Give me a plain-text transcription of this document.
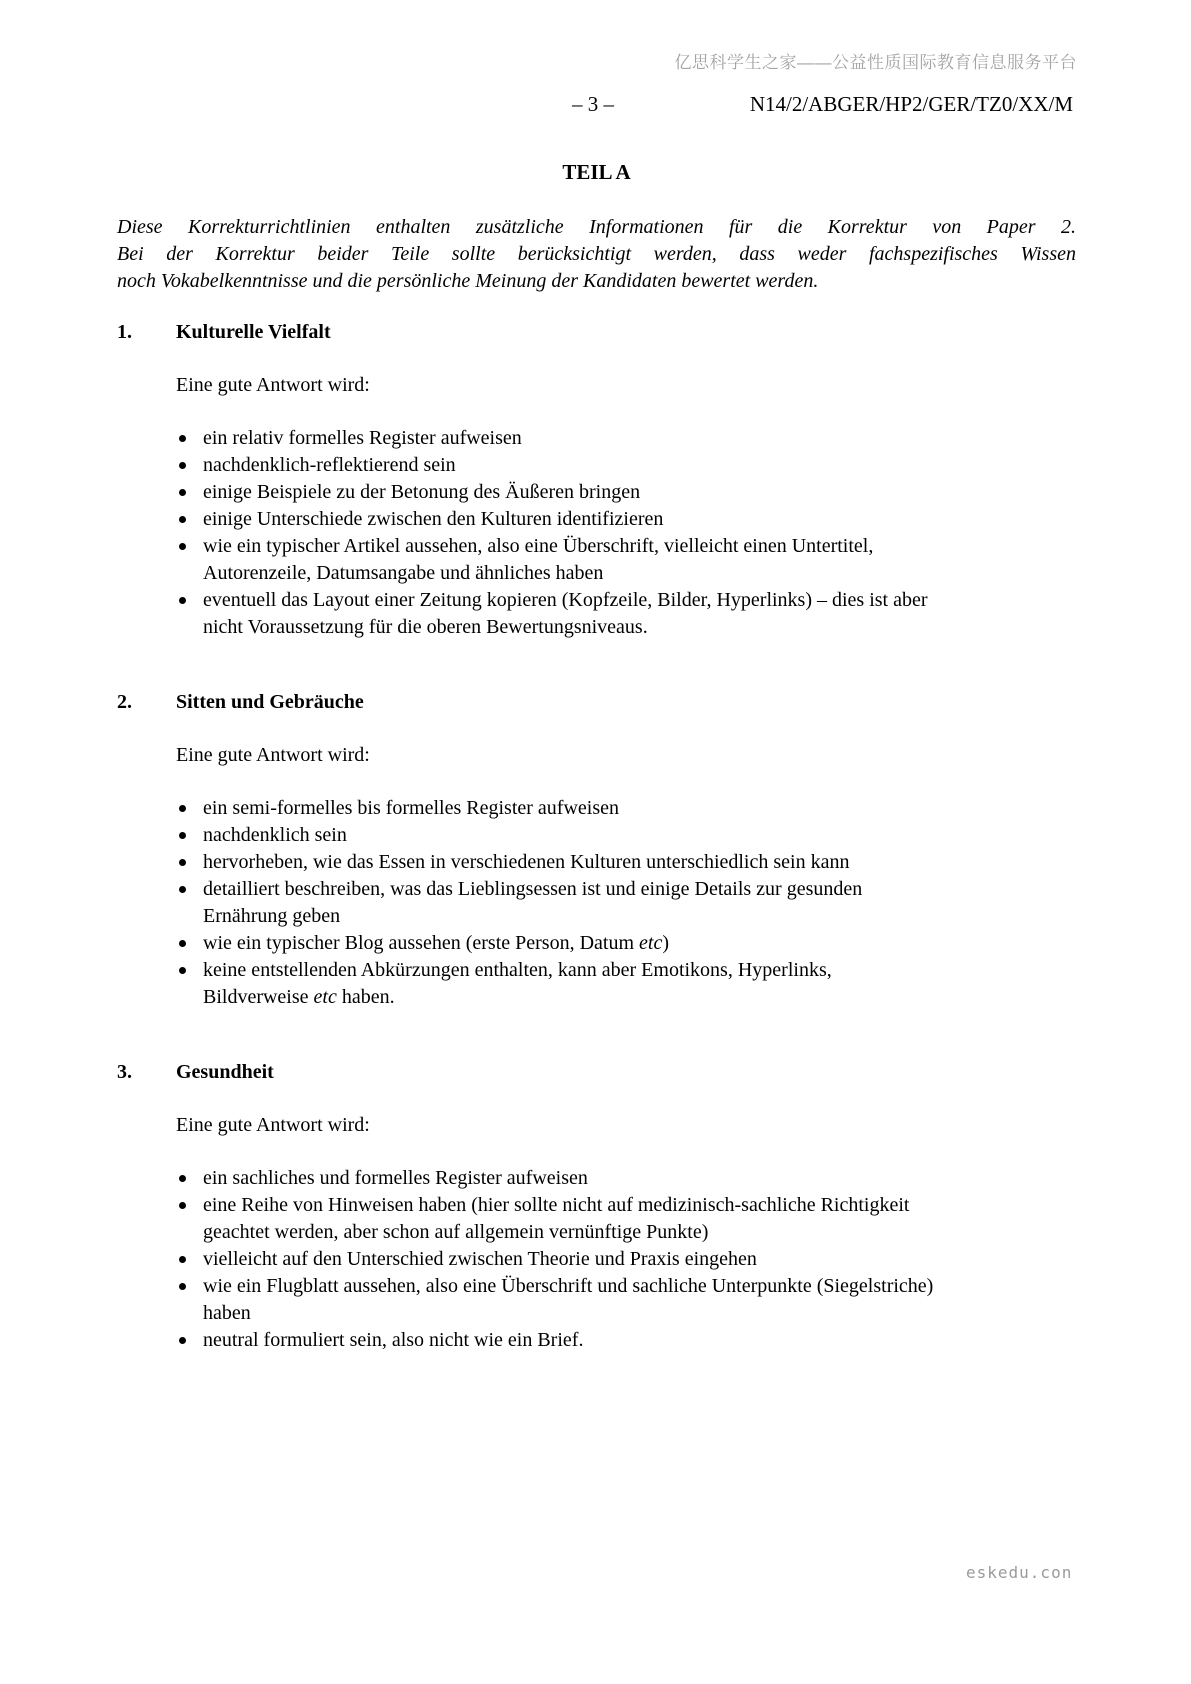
亿思科学生之家——公益性质国际教育信息服务平台
– 3 –	N14/2/ABGER/HP2/GER/TZ0/XX/M
TEIL A
Diese Korrekturrichtlinien enthalten zusätzliche Informationen für die Korrektur von Paper 2.
Bei der Korrektur beider Teile sollte berücksichtigt werden, dass weder fachspezifisches Wissen
noch Vokabelkenntnisse und die persönliche Meinung der Kandidaten bewertet werden.
1.	Kulturelle Vielfalt
Eine gute Antwort wird:
ein relativ formelles Register aufweisen
nachdenklich-reflektierend sein
einige Beispiele zu der Betonung des Äußeren bringen
einige Unterschiede zwischen den Kulturen identifizieren
wie ein typischer Artikel aussehen, also eine Überschrift, vielleicht einen Untertitel,
Autorenzeile, Datumsangabe und ähnliches haben
eventuell das Layout einer Zeitung kopieren (Kopfzeile, Bilder, Hyperlinks) – dies ist aber
nicht Voraussetzung für die oberen Bewertungsniveaus.
2.	Sitten und Gebräuche
Eine gute Antwort wird:
ein semi-formelles bis formelles Register aufweisen
nachdenklich sein
hervorheben, wie das Essen in verschiedenen Kulturen unterschiedlich sein kann
detailliert beschreiben, was das Lieblingsessen ist und einige Details zur gesunden
Ernährung geben
wie ein typischer Blog aussehen (erste Person, Datum etc)
keine entstellenden Abkürzungen enthalten, kann aber Emotikons, Hyperlinks,
Bildverweise etc haben.
3.	Gesundheit
Eine gute Antwort wird:
ein sachliches und formelles Register aufweisen
eine Reihe von Hinweisen haben (hier sollte nicht auf medizinisch-sachliche Richtigkeit
geachtet werden, aber schon auf allgemein vernünftige Punkte)
vielleicht auf den Unterschied zwischen Theorie und Praxis eingehen
wie ein Flugblatt aussehen, also eine Überschrift und sachliche Unterpunkte (Siegelstriche)
haben
neutral formuliert sein, also nicht wie ein Brief.
eskedu.con
